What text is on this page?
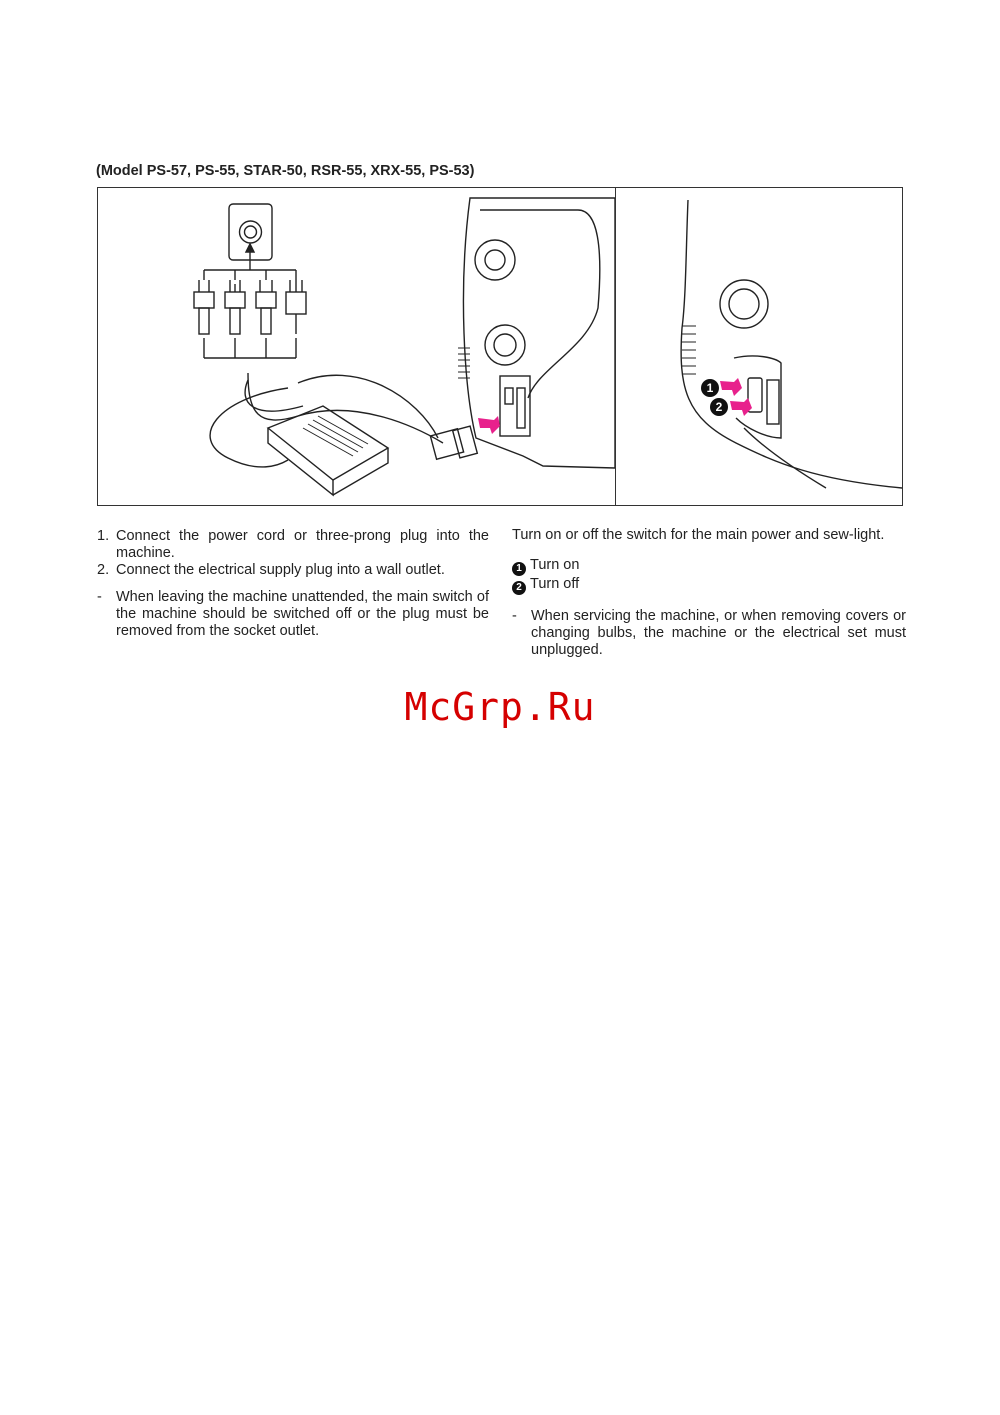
(Model PS-57, PS-55, STAR-50, RSR-55, XRX-55, PS-53)
1
2
1. Connect the power cord or three-prong plug into the machine.
2. Connect the electrical supply plug into a wall outlet.
- When leaving the machine unattended, the main switch of the machine should be switched off or the plug must be removed from the socket outlet.
Turn on or off the switch for the main power and sew-light.
1 Turn on
2 Turn off
- When servicing the machine, or when removing covers or changing bulbs, the machine or the electrical set must unplugged.
McGrp.Ru
